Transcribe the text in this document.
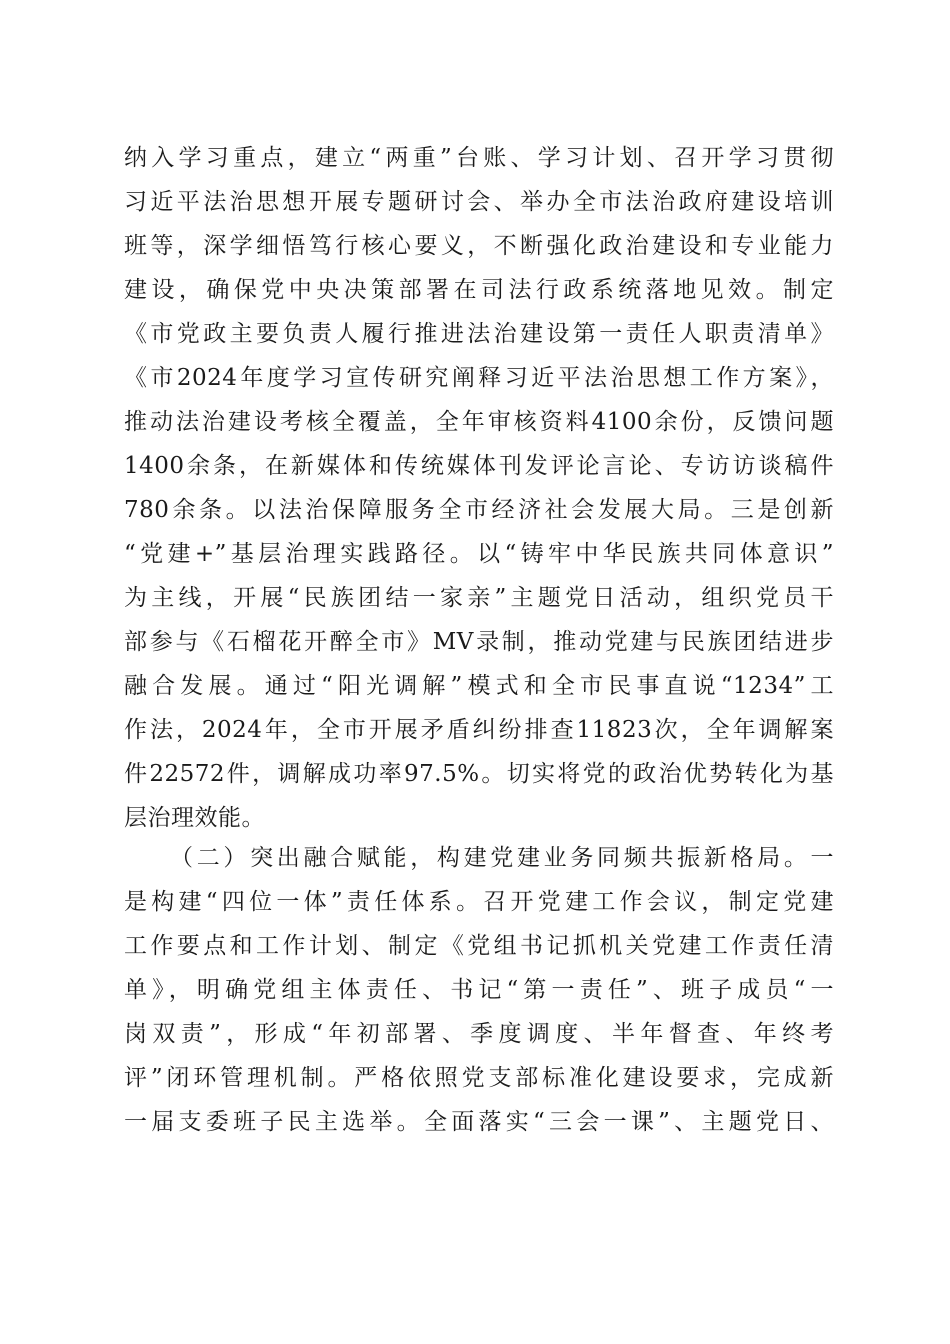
纳入学习重点，建立“两重”台账、学习计划、召开学习贯彻
习近平法治思想开展专题研讨会、举办全市法治政府建设培训
班等，深学细悟笃行核心要义，不断强化政治建设和专业能力
建设，确保党中央决策部署在司法行政系统落地见效。制定
《市党政主要负责人履行推进法治建设第一责任人职责清单》
《市2024年度学习宣传研究阐释习近平法治思想工作方案》，
推动法治建设考核全覆盖，全年审核资料4100余份，反馈问题
1400余条，在新媒体和传统媒体刊发评论言论、专访访谈稿件
780余条。以法治保障服务全市经济社会发展大局。三是创新
“党建+”基层治理实践路径。以“铸牢中华民族共同体意识”
为主线，开展“民族团结一家亲”主题党日活动，组织党员干
部参与《石榴花开醉全市》MV录制，推动党建与民族团结进步
融合发展。通过“阳光调解”模式和全市民事直说“1234”工
作法，2024年，全市开展矛盾纠纷排查11823次，全年调解案
件22572件，调解成功率97.5%。切实将党的政治优势转化为基
层治理效能。
（二）突出融合赋能，构建党建业务同频共振新格局。一
是构建“四位一体”责任体系。召开党建工作会议，制定党建
工作要点和工作计划、制定《党组书记抓机关党建工作责任清
单》，明确党组主体责任、书记“第一责任”、班子成员“一
岗双责”，形成“年初部署、季度调度、半年督查、年终考
评”闭环管理机制。严格依照党支部标准化建设要求，完成新
一届支委班子民主选举。全面落实“三会一课”、主题党日、
